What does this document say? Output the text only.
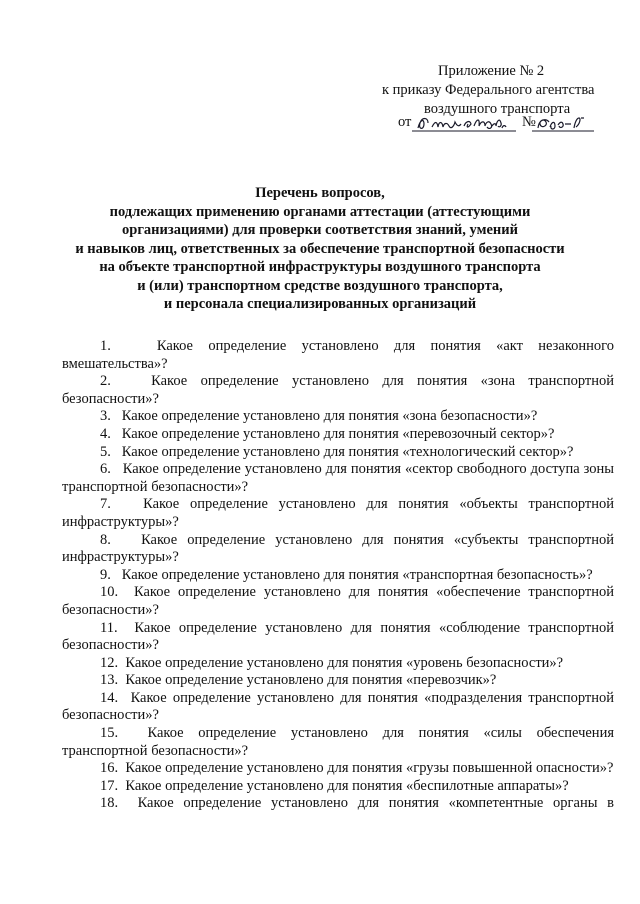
Приложение № 2
к приказу Федерального агентства
воздушного транспорта
от	№
Перечень вопросов,
подлежащих применению органами аттестации (аттестующими
организациями) для проверки соответствия знаний, умений
и навыков лиц, ответственных за обеспечение транспортной безопасности
на объекте транспортной инфраструктуры воздушного транспорта
и (или) транспортном средстве воздушного транспорта,
и персонала специализированных организаций

1.	Какое определение установлено для понятия «акт незаконного вмешательства»?

2.	Какое определение установлено для понятия «зона транспортной безопасности»?

3. Какое определение установлено для понятия «зона безопасности»?

4. Какое определение установлено для понятия «перевозочный сектор»?

5. Какое определение установлено для понятия «технологический сектор»?

6. Какое определение установлено для понятия «сектор свободного доступа зоны транспортной безопасности»?

7. Какое определение установлено для понятия «объекты транспортной инфраструктуры»?

8. Какое определение установлено для понятия «субъекты транспортной инфраструктуры»?

9. Какое определение установлено для понятия «транспортная безопасность»?

10. Какое определение установлено для понятия «обеспечение транспортной безопасности»?

11. Какое определение установлено для понятия «соблюдение транспортной безопасности»?

12. Какое определение установлено для понятия «уровень безопасности»?

13. Какое определение установлено для понятия «перевозчик»?

14. Какое определение установлено для понятия «подразделения транспортной безопасности»?

15. Какое определение установлено для понятия «силы обеспечения транспортной безопасности»?

16. Какое определение установлено для понятия «грузы повышенной опасности»?

17. Какое определение установлено для понятия «беспилотные аппараты»?

18. Какое определение установлено для понятия «компетентные органы в
